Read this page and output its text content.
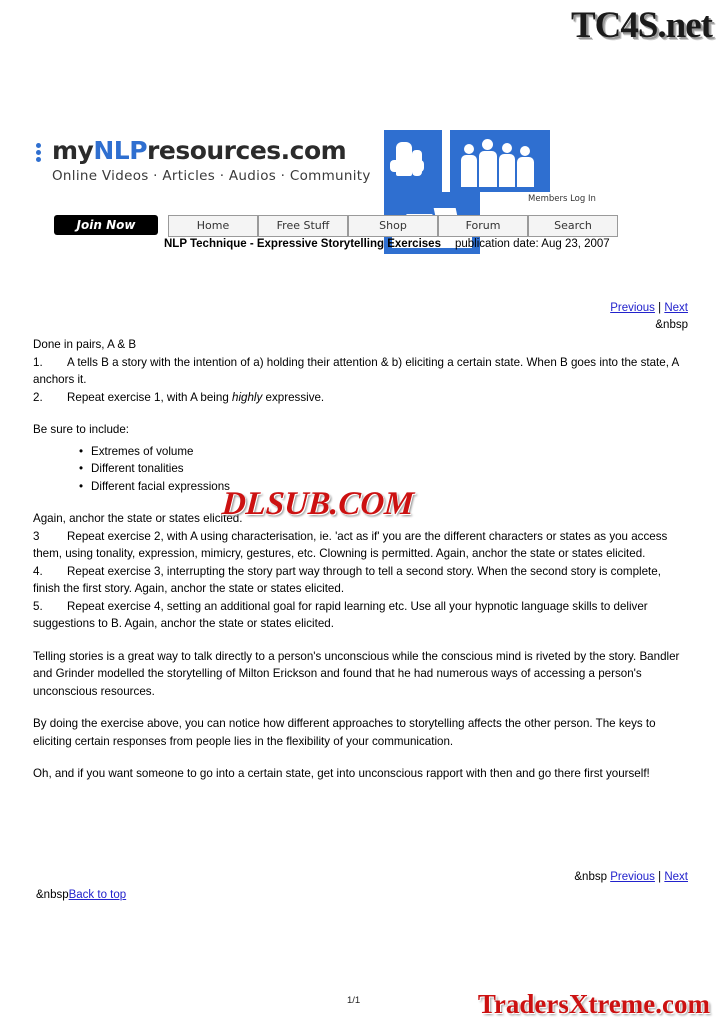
TC4S.net
myNLPresources.com
Online Videos · Articles · Audios · Community

Members Log In
Join Now	Home	Free Stuff	Shop	Forum	Search
NLP Technique - Expressive Storytelling Exercises publication date: Aug 23, 2007
Previous | Next
&nbsp

Done in pairs, A & B

1. A tells B a story with the intention of a) holding their attention & b) eliciting a certain state. When B goes into the state, A anchors it.

2. Repeat exercise 1, with A being highly expressive.

Be sure to include:

• Extremes of volume
• Different tonalities
• Different facial expressions

Again, anchor the state or states elicited.

3 Repeat exercise 2, with A using characterisation, ie. 'act as if' you are the different characters or states as you access them, using tonality, expression, mimicry, gestures, etc. Clowning is permitted. Again, anchor the state or states elicited.

4. Repeat exercise 3, interrupting the story part way through to tell a second story. When the second story is complete, finish the first story. Again, anchor the state or states elicited.

5. Repeat exercise 4, setting an additional goal for rapid learning etc. Use all your hypnotic language skills to deliver suggestions to B. Again, anchor the state or states elicited.

Telling stories is a great way to talk directly to a person's unconscious while the conscious mind is riveted by the story. Bandler and Grinder modelled the storytelling of Milton Erickson and found that he had numerous ways of accessing a person's unconscious resources.

By doing the exercise above, you can notice how different approaches to storytelling affects the other person. The keys to eliciting certain responses from people lies in the flexibility of your communication.

Oh, and if you want someone to go into a certain state, get into unconscious rapport with then and go there first yourself!

DLSUB.COM
&nbsp Previous | Next
&nbspBack to top
1/1	TradersXtreme.com
